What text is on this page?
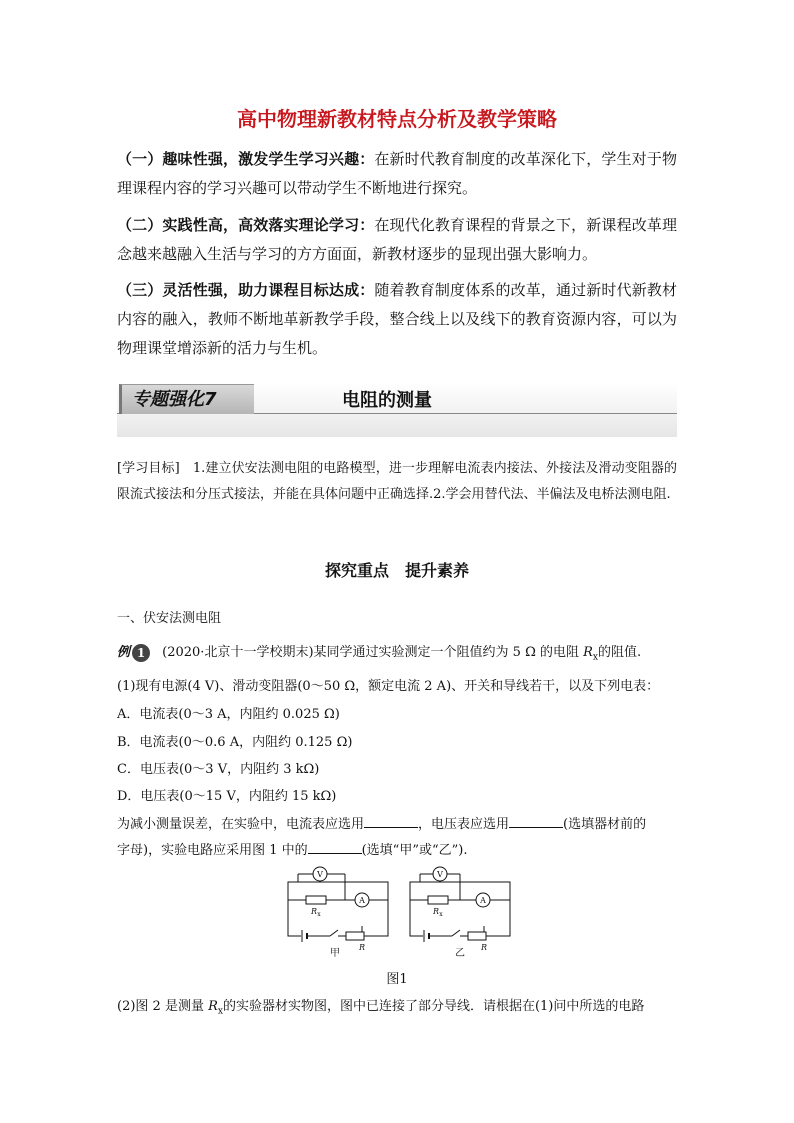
高中物理新教材特点分析及教学策略
（一）趣味性强，激发学生学习兴趣：在新时代教育制度的改革深化下，学生对于物理课程内容的学习兴趣可以带动学生不断地进行探究。
（二）实践性高，高效落实理论学习：在现代化教育课程的背景之下，新课程改革理念越来越融入生活与学习的方方面面，新教材逐步的显现出强大影响力。
（三）灵活性强，助力课程目标达成：随着教育制度体系的改革，通过新时代新教材内容的融入，教师不断地革新教学手段，整合线上以及线下的教育资源内容，可以为物理课堂增添新的活力与生机。
专题强化7	电阻的测量
[学习目标]　1.建立伏安法测电阻的电路模型，进一步理解电流表内接法、外接法及滑动变阻器的限流式接法和分压式接法，并能在具体问题中正确选择.2.学会用替代法、半偏法及电桥法测电阻.
探究重点　提升素养
一、伏安法测电阻
例 1 (2020·北京十一学校期末)某同学通过实验测定一个阻值约为 5 Ω 的电阻 $R_x$的阻值.
(1)现有电源(4 V)、滑动变阻器(0～50 Ω，额定电流 2 A)、开关和导线若干，以及下列电表：
A．电流表(0～3 A，内阻约 0.025 Ω)
B．电流表(0～0.6 A，内阻约 0.125 Ω)
C．电压表(0～3 V，内阻约 3 kΩ)
D．电压表(0～15 V，内阻约 15 kΩ)
为减小测量误差，在实验中，电流表应选用	，电压表应选用	(选填器材前的
字母)，实验电路应采用图 1 中的	(选填“甲”或“乙”).
V
A
R x
R
甲
V
A
R x
R
乙
图1
(2)图 2 是测量 $R_x$的实验器材实物图，图中已连接了部分导线．请根据在(1)问中所选的电路
